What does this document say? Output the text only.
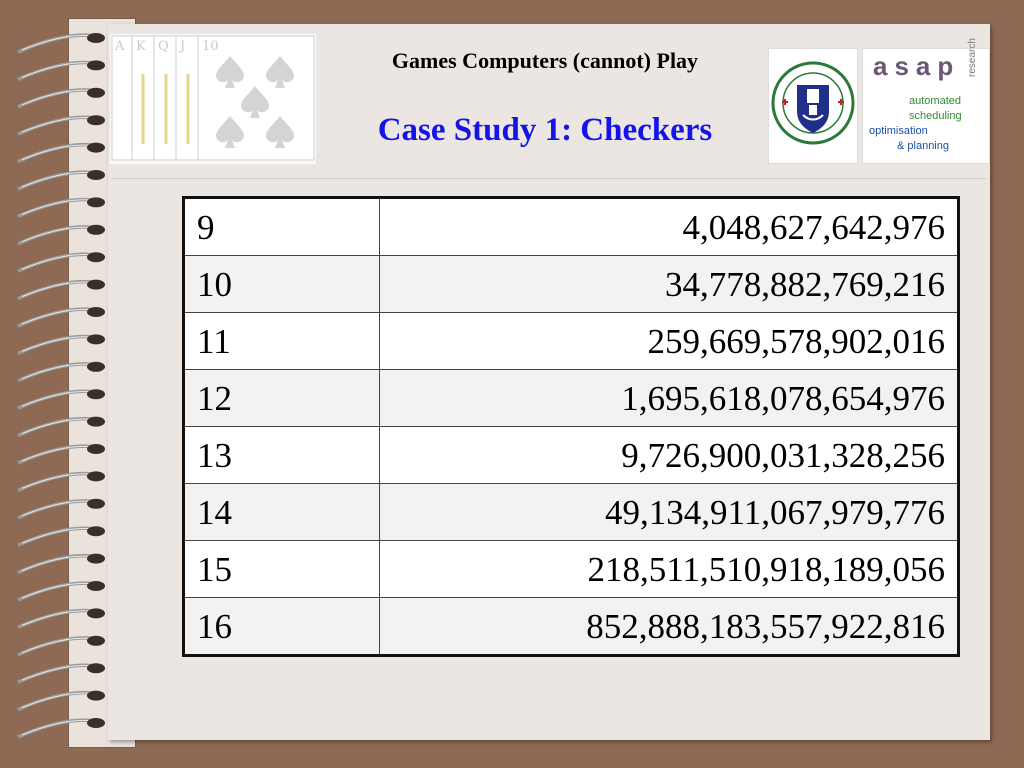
A K Q J 10
Games Computers (cannot) Play
Case Study 1: Checkers
asap research
automated
scheduling
optimisation
& planning
9	4,048,627,642,976
10	34,778,882,769,216
11	259,669,578,902,016
12	1,695,618,078,654,976
13	9,726,900,031,328,256
14	49,134,911,067,979,776
15	218,511,510,918,189,056
16	852,888,183,557,922,816
